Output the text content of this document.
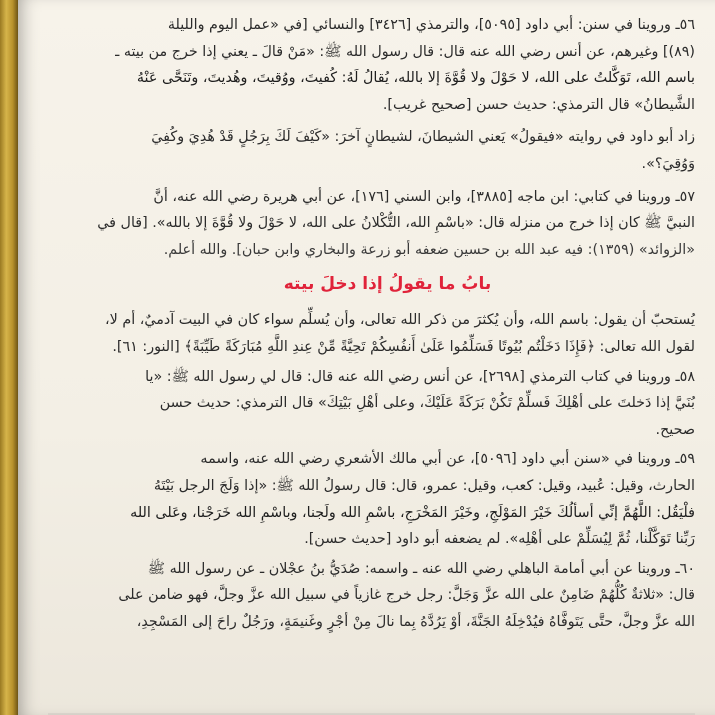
٥٦ـ وروينا في سنن: أبي داود [٥٠٩٥]، والترمذي [٣٤٢٦] والنسائي [في «عمل اليوم والليلة

(٨٩)] وغيرهم، عن أنس رضي الله عنه قال: قال رسول الله ﷺ: «مَنْ قالَ ـ يعني إذا خرج من بيته ـ

باسم الله، تَوَكَّلتُ على الله، لا حَوْلَ ولا قُوَّةَ إلا بالله، يُقالُ لَهُ: كُفيتَ، ووُقيتَ، وهُديتَ، وتَنَحَّى عَنْهُ

الشَّيطانُ» قال الترمذي: حديث حسن [صحيح غريب].

زاد أبو داود في روايته «فيقولُ» يَعني الشيطانَ، لشيطانٍ آخرَ: «كَيْفَ لَكَ بِرَجُلٍ قَدْ هُدِيَ وكُفِيَ

وَوُقِيَ؟».

٥٧ـ وروينا في كتابي: ابن ماجه [٣٨٨٥]، وابن السني [١٧٦]، عن أبي هريرة رضي الله عنه، أنَّ

النبيَّ ﷺ كان إذا خرج من منزله قال: «باسْمِ الله، التُّكْلانُ على الله، لا حَوْلَ ولا قُوَّةَ إلا بالله». [قال في

«الزوائد» (١٣٥٩): فيه عبد الله بن حسين ضعفه أبو زرعة والبخاري وابن حبان]. والله أعلم.

بابُ ما يقولُ إذا دخلَ بيته

يُستحبّ أن يقول: باسم الله، وأن يُكثرَ من ذكر الله تعالى، وأن يُسلِّم سواء كان في البيت آدميٌ، أم لا،

لقول الله تعالى: ﴿فَإِذَا دَخَلْتُم بُيُوتًا فَسَلِّمُوا عَلَىٰ أَنفُسِكُمْ تَحِيَّةً مِّنْ عِندِ اللَّهِ مُبَارَكَةً طَيِّبَةً﴾ [النور: ٦١].

٥٨ـ وروينا في كتاب الترمذي [٢٦٩٨]، عن أنس رضي الله عنه قال: قال لي رسول الله ﷺ: «يا

بُنَيَّ إذا دَخلتَ على أهْلِكَ فَسلِّمْ تَكُنْ بَرَكَةً عَلَيْكَ، وعلى أهْلِ بَيْتِكَ» قال الترمذي: حديث حسن

صحيح.

٥٩ـ وروينا في «سنن أبي داود [٥٠٩٦]، عن أبي مالك الأشعري رضي الله عنه، واسمه

الحارث، وقيل: عُبيد، وقيل: كعب، وقيل: عمرو، قال: قال رسولُ الله ﷺ: «إذا وَلَجَ الرجل بَيْتَهُ

فلْيَقُل: اللَّهُمَّ إنِّي أسألُكَ خَيْرَ المَوْلَجِ، وخَيْرَ المَخْرَجِ، باسْمِ الله ولَجنا، وباسْمِ الله خَرَجْنا، وعَلى الله

رَبِّنا تَوَكَّلْنا، ثُمَّ لِيُسَلِّمْ على أهْلِه». لم يضعفه أبو داود [حديث حسن].

٦٠ـ وروينا عن أبي أمامة الباهلي رضي الله عنه ـ واسمه: صُدَيُّ بنُ عجْلان ـ عن رسول الله ﷺ

قال: «ثلاثةٌ كُلُّهُمْ ضَامِنٌ على الله عزَّ وَجَلَّ: رجل خرج غازياً في سبيل الله عزَّ وجلَّ، فهو ضامن على

الله عزَّ وجلَّ، حتَّى يَتَوفَّاهُ فيُدْخِلَهُ الجَنَّةَ، أوْ يَرُدَّهُ بِما نالَ مِنْ أجْرٍ وغَنيمَةٍ، ورَجُلٌ راحَ إلى المَسْجِدِ،
